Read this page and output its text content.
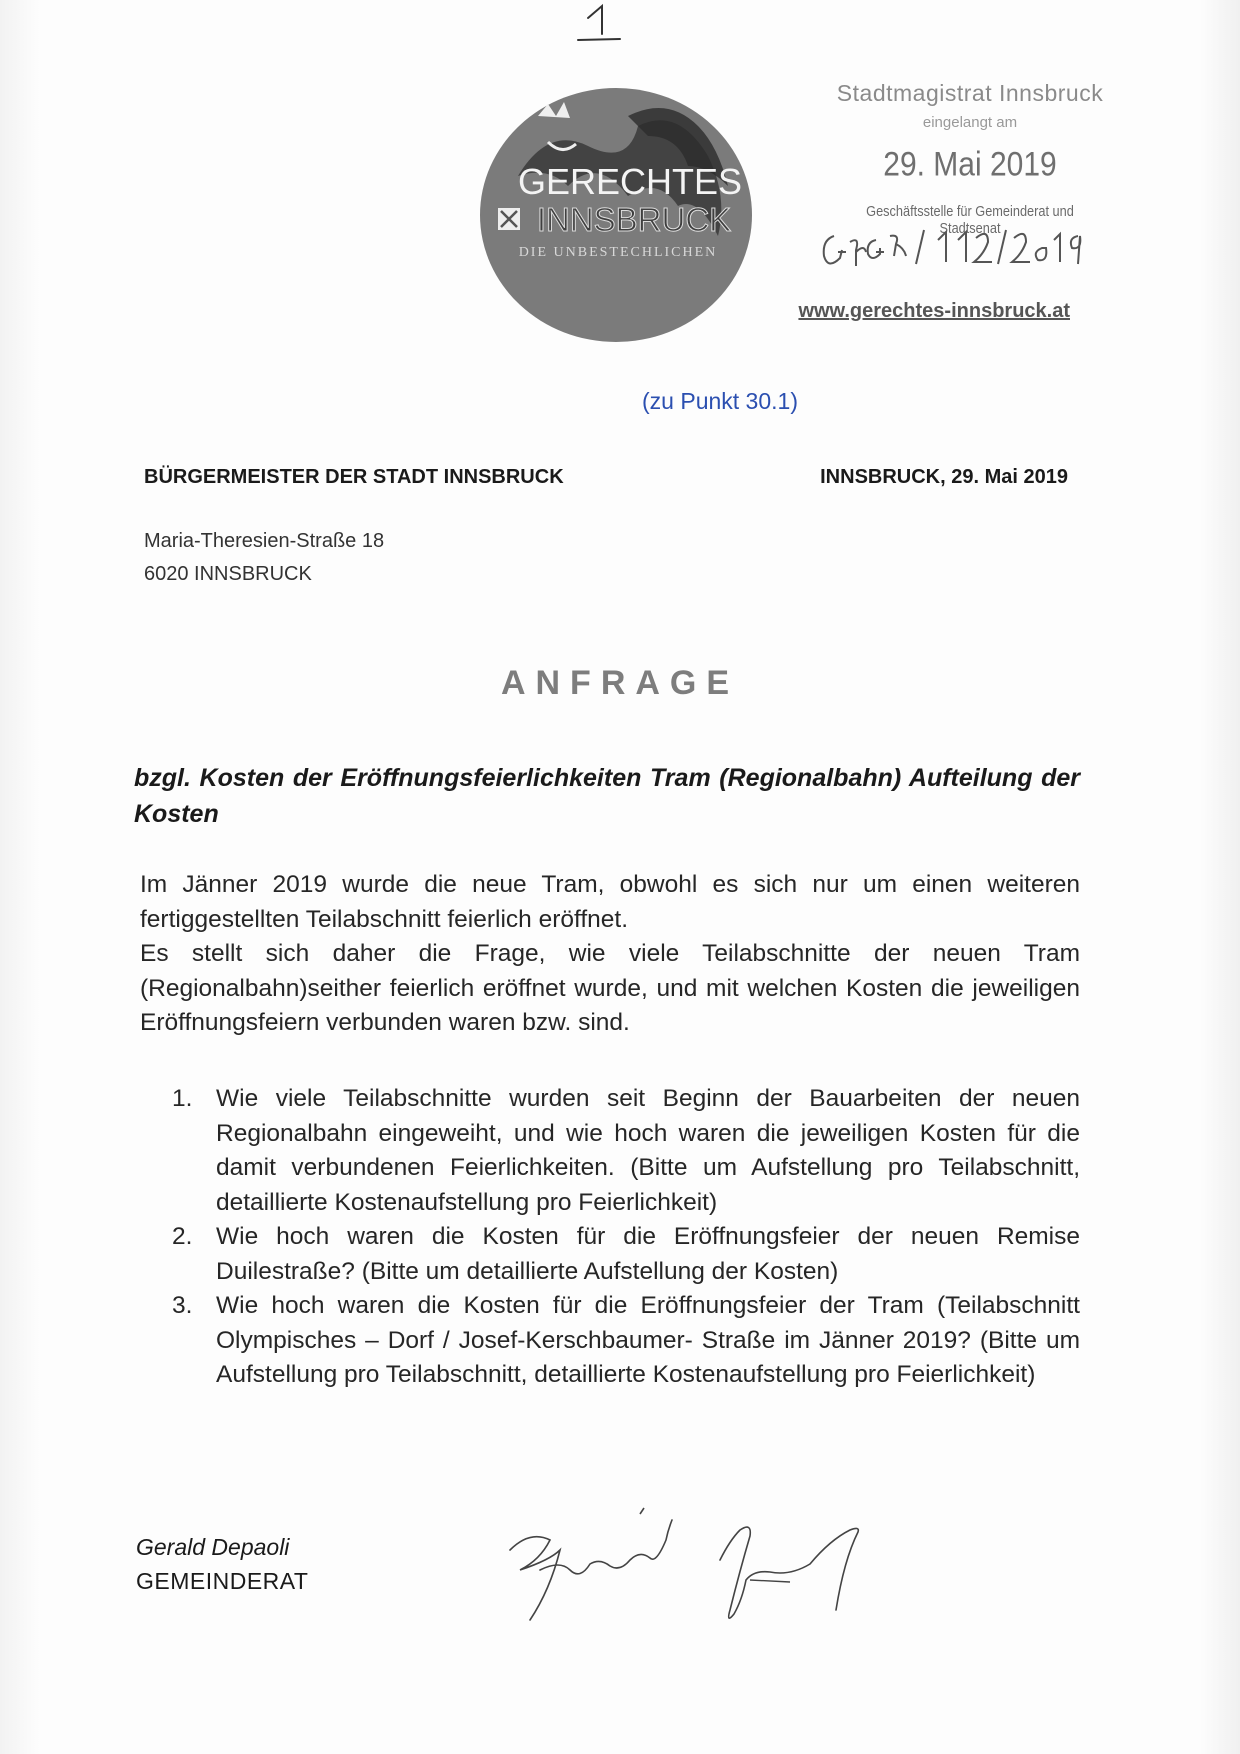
GERECHTES
INNSBRUCK
DIE UNBESTECHLICHEN
Stadtmagistrat Innsbruck
eingelangt am
29. Mai 2019
Geschäftsstelle für Gemeinderat und Stadtsenat
www.gerechtes-innsbruck.at
(zu Punkt 30.1)
BÜRGERMEISTER DER STADT INNSBRUCK	INNSBRUCK, 29. Mai 2019
Maria-Theresien-Straße 18
6020 INNSBRUCK
ANFRAGE
bzgl. Kosten der Eröffnungsfeierlichkeiten Tram (Regionalbahn) Aufteilung der Kosten

Im Jänner 2019 wurde die neue Tram, obwohl es sich nur um einen weiteren fertiggestellten Teilabschnitt feierlich eröffnet.

Es stellt sich daher die Frage, wie viele Teilabschnitte der neuen Tram (Regionalbahn)seither feierlich eröffnet wurde, und mit welchen Kosten die jeweiligen Eröffnungsfeiern verbunden waren bzw. sind.

1. Wie viele Teilabschnitte wurden seit Beginn der Bauarbeiten der neuen Regionalbahn eingeweiht, und wie hoch waren die jeweiligen Kosten für die damit verbundenen Feierlichkeiten. (Bitte um Aufstellung pro Teilabschnitt, detaillierte Kostenaufstellung pro Feierlichkeit)
2. Wie hoch waren die Kosten für die Eröffnungsfeier der neuen Remise Duilestraße? (Bitte um detaillierte Aufstellung der Kosten)
3. Wie hoch waren die Kosten für die Eröffnungsfeier der Tram (Teilabschnitt Olympisches – Dorf / Josef-Kerschbaumer- Straße im Jänner 2019? (Bitte um Aufstellung pro Teilabschnitt, detaillierte Kostenaufstellung pro Feierlichkeit)
Gerald Depaoli
GEMEINDERAT
